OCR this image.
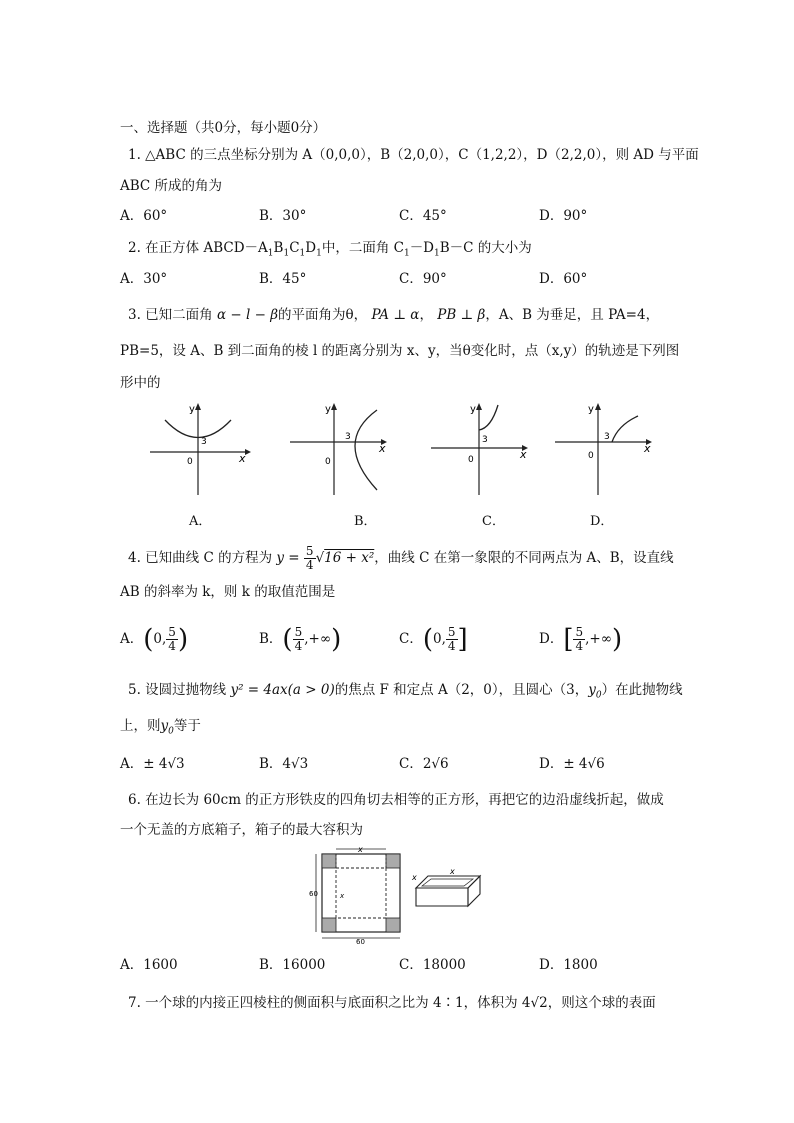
一、选择题（共0分，每小题0分）
1. △ABC 的三点坐标分别为 A（0,0,0），B（2,0,0），C（1,2,2），D（2,2,0），则 AD 与平面
ABC 所成的角为
A．60°	B．30°	C．45°	D．90°
2. 在正方体 $ABCD-A_1B_1C_1D_1$中，二面角 $C_1-D_1B-C$ 的大小为
A．30°	B．45°	C．90°	D．60°
3. 已知二面角 α − l − β的平面角为θ， PA ⊥ α， PB ⊥ β，A、B 为垂足，且 PA=4，
PB=5，设 A、B 到二面角的棱 l 的距离分别为 x、y，当θ变化时，点（x,y）的轨迹是下列图
形中的
y
x
3
0
y
x
3
0
y
x
3
0
y
x
3
0
A．	B．	C．	D．
4. 已知曲线 C 的方程为 $y = \frac{5}{4} √16 + x^2$，曲线 C 在第一象限的不同两点为 A、B，设直线
AB 的斜率为 k，则 k 的取值范围是
A．(0, $\frac{5}{4}$ )	B．( $\frac{5}{4}$ ,+∞)	C．(0, $\frac{5}{4}$ ]	D．[ $\frac{5}{4}$ ,+∞)
5. 设圆过抛物线 y² = 4ax(a > 0)的焦点 F 和定点 A（2，0），且圆心（3，$y_0$）在此抛物线
上，则$y_0$等于
A．± 4√3	B．4√3	C．2√6	D．± 4√6
6. 在边长为 60cm 的正方形铁皮的四角切去相等的正方形，再把它的边沿虚线折起，做成
一个无盖的方底箱子，箱子的最大容积为
x
60
60
x
x
x
A．1600	B．16000	C．18000	D．1800
7. 一个球的内接正四棱柱的侧面积与底面积之比为 4∶1，体积为 4√2，则这个球的表面
